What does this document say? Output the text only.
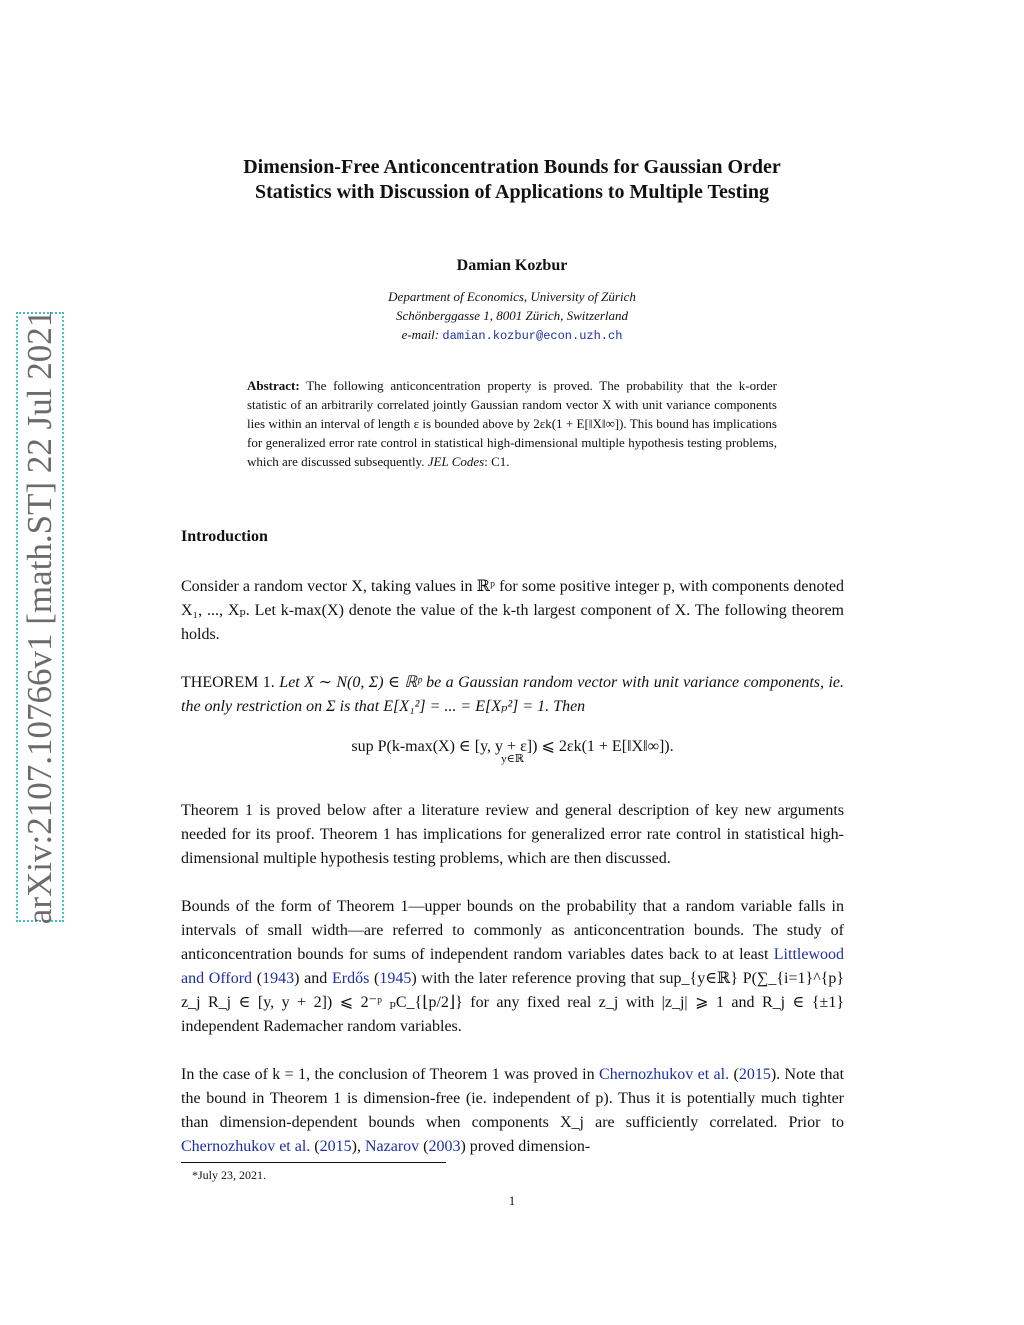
arXiv:2107.10766v1 [math.ST] 22 Jul 2021
Dimension-Free Anticoncentration Bounds for Gaussian Order
Statistics with Discussion of Applications to Multiple Testing
Damian Kozbur
Department of Economics, University of Zürich
Schönberggasse 1, 8001 Zürich, Switzerland
e-mail: damian.kozbur@econ.uzh.ch
Abstract: The following anticoncentration property is proved. The probability that the k-order statistic of an arbitrarily correlated jointly Gaussian random vector X with unit variance components lies within an interval of length ε is bounded above by 2εk(1 + E[‖X‖∞]). This bound has implications for generalized error rate control in statistical high-dimensional multiple hypothesis testing problems, which are discussed subsequently. JEL Codes: C1.
Introduction
Consider a random vector X, taking values in ℝᵖ for some positive integer p, with components denoted X₁, ..., Xₚ. Let k-max(X) denote the value of the k-th largest component of X. The following theorem holds.
THEOREM 1. Let X ∼ N(0, Σ) ∈ ℝᵖ be a Gaussian random vector with unit variance components, ie. the only restriction on Σ is that E[X₁²] = ... = E[Xₚ²] = 1. Then
sup P(k-max(X) ∈ [y, y + ε]) ⩽ 2εk(1 + E[‖X‖∞]).
y∈ℝ
Theorem 1 is proved below after a literature review and general description of key new arguments needed for its proof. Theorem 1 has implications for generalized error rate control in statistical high-dimensional multiple hypothesis testing problems, which are then discussed.
Bounds of the form of Theorem 1—upper bounds on the probability that a random variable falls in intervals of small width—are referred to commonly as anticoncentration bounds. The study of anticoncentration bounds for sums of independent random variables dates back to at least Littlewood and Offord (1943) and Erdős (1945) with the later reference proving that sup_{y∈ℝ} P(∑_{i=1}^{p} z_j R_j ∈ [y, y + 2]) ⩽ 2⁻ᵖ ₚC_{⌊p/2⌋} for any fixed real z_j with |z_j| ⩾ 1 and R_j ∈ {±1} independent Rademacher random variables.
In the case of k = 1, the conclusion of Theorem 1 was proved in Chernozhukov et al. (2015). Note that the bound in Theorem 1 is dimension-free (ie. independent of p). Thus it is potentially much tighter than dimension-dependent bounds when components X_j are sufficiently correlated. Prior to Chernozhukov et al. (2015), Nazarov (2003) proved dimension-
*July 23, 2021.
1
